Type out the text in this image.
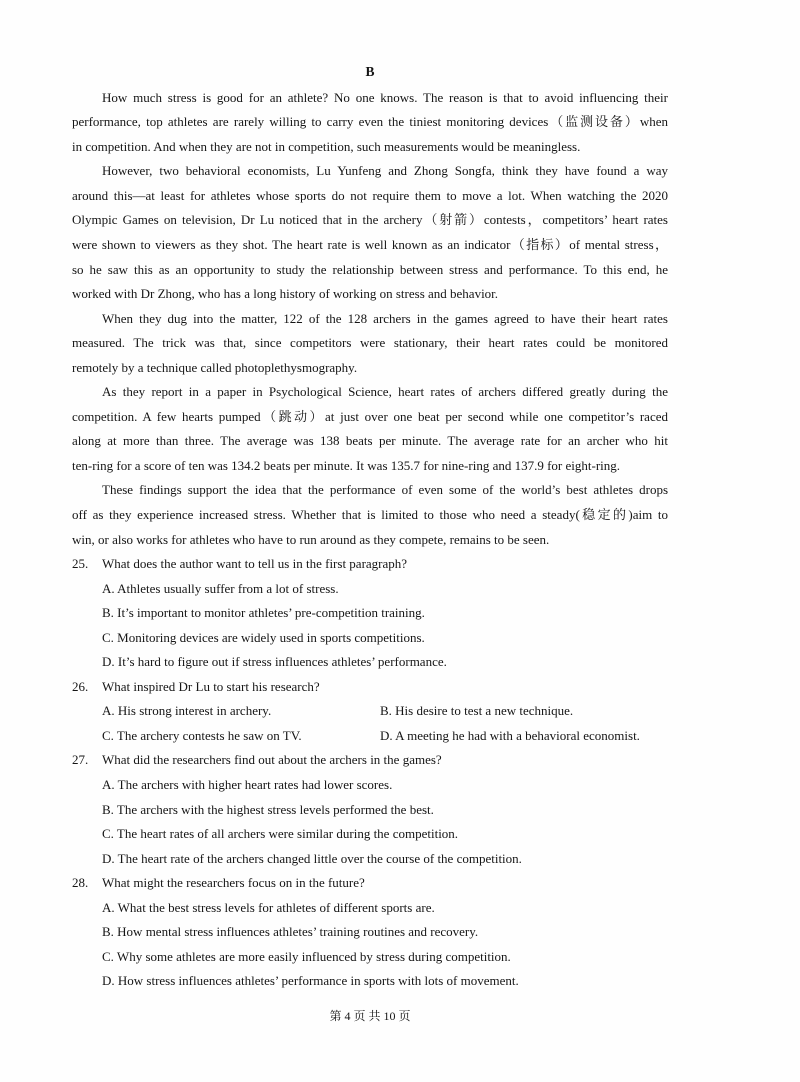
B
How much stress is good for an athlete? No one knows. The reason is that to avoid influencing their
performance, top athletes are rarely willing to carry even the tiniest monitoring devices（监测设备）when
in competition. And when they are not in competition, such measurements would be meaningless.
However, two behavioral economists, Lu Yunfeng and Zhong Songfa, think they have found a way
around this—at least for athletes whose sports do not require them to move a lot. When watching the 2020
Olympic Games on television, Dr Lu noticed that in the archery（射箭）contests，competitors’ heart rates
were shown to viewers as they shot. The heart rate is well known as an indicator（指标）of mental stress，
so he saw this as an opportunity to study the relationship between stress and performance. To this end, he
worked with Dr Zhong, who has a long history of working on stress and behavior.
When they dug into the matter, 122 of the 128 archers in the games agreed to have their heart rates
measured. The trick was that, since competitors were stationary, their heart rates could be monitored
remotely by a technique called photoplethysmography.
As they report in a paper in Psychological Science, heart rates of archers differed greatly during the
competition. A few hearts pumped（跳动）at just over one beat per second while one competitor’s raced
along at more than three. The average was 138 beats per minute. The average rate for an archer who hit
ten-ring for a score of ten was 134.2 beats per minute. It was 135.7 for nine-ring and 137.9 for eight-ring.
These findings support the idea that the performance of even some of the world’s best athletes drops
off as they experience increased stress. Whether that is limited to those who need a steady(稳定的)aim to
win, or also works for athletes who have to run around as they compete, remains to be seen.
25.	What does the author want to tell us in the first paragraph?
A. Athletes usually suffer from a lot of stress.
B. It’s important to monitor athletes’ pre-competition training.
C. Monitoring devices are widely used in sports competitions.
D. It’s hard to figure out if stress influences athletes’ performance.
26.	What inspired Dr Lu to start his research?
A. His strong interest in archery.	B. His desire to test a new technique.
C. The archery contests he saw on TV.	D. A meeting he had with a behavioral economist.
27.	What did the researchers find out about the archers in the games?
A. The archers with higher heart rates had lower scores.
B. The archers with the highest stress levels performed the best.
C. The heart rates of all archers were similar during the competition.
D. The heart rate of the archers changed little over the course of the competition.
28.	What might the researchers focus on in the future?
A. What the best stress levels for athletes of different sports are.
B. How mental stress influences athletes’ training routines and recovery.
C. Why some athletes are more easily influenced by stress during competition.
D. How stress influences athletes’ performance in sports with lots of movement.
第 4 页 共 10 页
